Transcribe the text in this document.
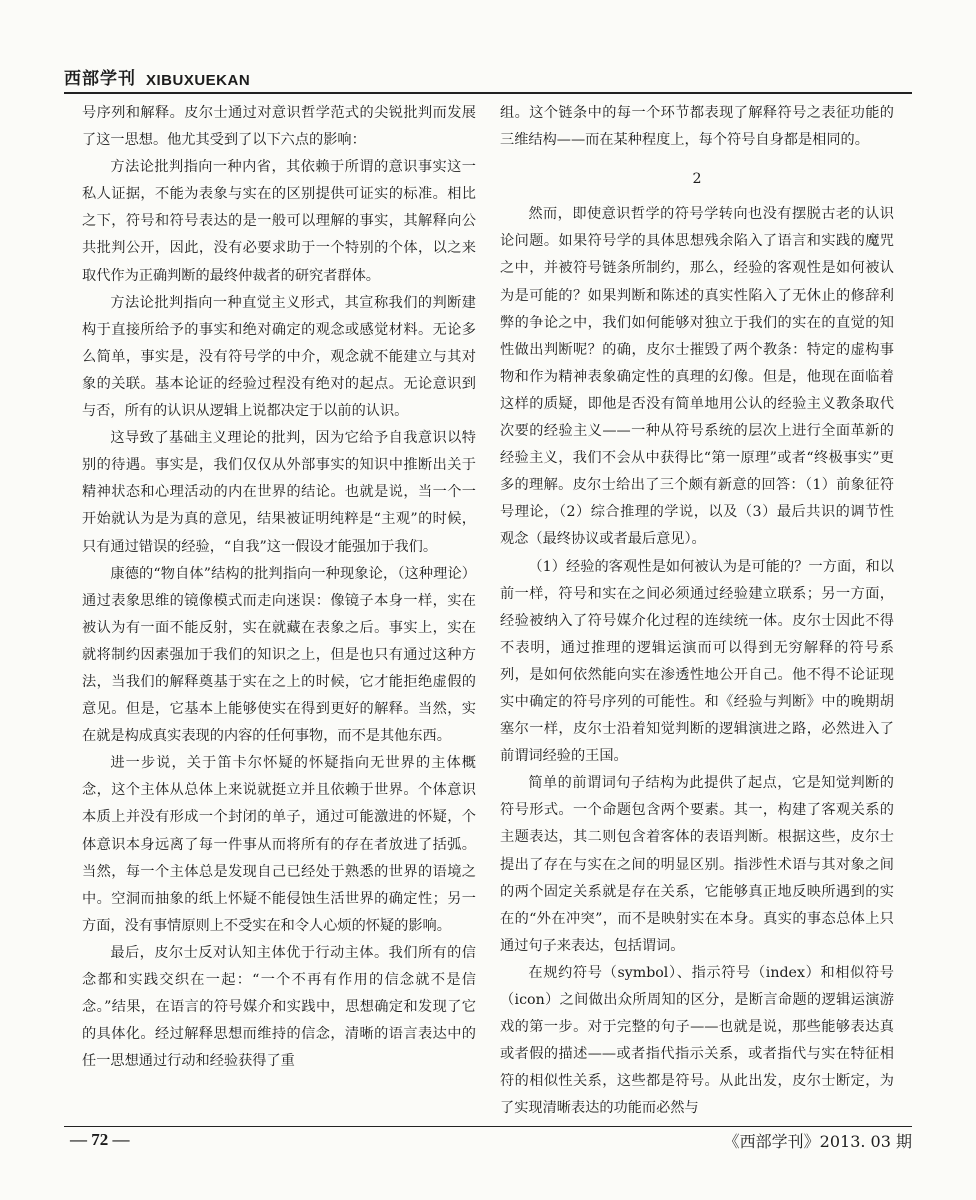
西部学刊 XIBUXUEKAN

号序列和解释。皮尔士通过对意识哲学范式的尖锐批判而发展了这一思想。他尤其受到了以下六点的影响：

方法论批判指向一种内省，其依赖于所谓的意识事实这一私人证据，不能为表象与实在的区别提供可证实的标准。相比之下，符号和符号表达的是一般可以理解的事实，其解释向公共批判公开，因此，没有必要求助于一个特别的个体，以之来取代作为正确判断的最终仲裁者的研究者群体。

方法论批判指向一种直觉主义形式，其宣称我们的判断建构于直接所给予的事实和绝对确定的观念或感觉材料。无论多么简单，事实是，没有符号学的中介，观念就不能建立与其对象的关联。基本论证的经验过程没有绝对的起点。无论意识到与否，所有的认识从逻辑上说都决定于以前的认识。

这导致了基础主义理论的批判，因为它给予自我意识以特别的待遇。事实是，我们仅仅从外部事实的知识中推断出关于精神状态和心理活动的内在世界的结论。也就是说，当一个一开始就认为是为真的意见，结果被证明纯粹是“主观”的时候，只有通过错误的经验，“自我”这一假设才能强加于我们。

康德的“物自体”结构的批判指向一种现象论，（这种理论）通过表象思维的镜像模式而走向迷误：像镜子本身一样，实在被认为有一面不能反射，实在就藏在表象之后。事实上，实在就将制约因素强加于我们的知识之上，但是也只有通过这种方法，当我们的解释奠基于实在之上的时候，它才能拒绝虚假的意见。但是，它基本上能够使实在得到更好的解释。当然，实在就是构成真实表现的内容的任何事物，而不是其他东西。

进一步说，关于笛卡尔怀疑的怀疑指向无世界的主体概念，这个主体从总体上来说就挺立并且依赖于世界。个体意识本质上并没有形成一个封闭的单子，通过可能激进的怀疑，个体意识本身远离了每一件事从而将所有的存在者放进了括弧。当然，每一个主体总是发现自己已经处于熟悉的世界的语境之中。空洞而抽象的纸上怀疑不能侵蚀生活世界的确定性；另一方面，没有事情原则上不受实在和令人心烦的怀疑的影响。

最后，皮尔士反对认知主体优于行动主体。我们所有的信念都和实践交织在一起：“一个不再有作用的信念就不是信念。”结果，在语言的符号媒介和实践中，思想确定和发现了它的具体化。经过解释思想而维持的信念，清晰的语言表达中的任一思想通过行动和经验获得了重

组。这个链条中的每一个环节都表现了解释符号之表征功能的三维结构——而在某种程度上，每个符号自身都是相同的。

2

然而，即使意识哲学的符号学转向也没有摆脱古老的认识论问题。如果符号学的具体思想残余陷入了语言和实践的魔咒之中，并被符号链条所制约，那么，经验的客观性是如何被认为是可能的？如果判断和陈述的真实性陷入了无休止的修辞利弊的争论之中，我们如何能够对独立于我们的实在的直觉的知性做出判断呢？的确，皮尔士摧毁了两个教条：特定的虚构事物和作为精神表象确定性的真理的幻像。但是，他现在面临着这样的质疑，即他是否没有简单地用公认的经验主义教条取代次要的经验主义——一种从符号系统的层次上进行全面革新的经验主义，我们不会从中获得比“第一原理”或者“终极事实”更多的理解。皮尔士给出了三个颇有新意的回答：（1）前象征符号理论，（2）综合推理的学说，以及（3）最后共识的调节性观念（最终协议或者最后意见）。

（1）经验的客观性是如何被认为是可能的？一方面，和以前一样，符号和实在之间必须通过经验建立联系；另一方面，经验被纳入了符号媒介化过程的连续统一体。皮尔士因此不得不表明，通过推理的逻辑运演而可以得到无穷解释的符号系列，是如何依然能向实在渗透性地公开自己。他不得不论证现实中确定的符号序列的可能性。和《经验与判断》中的晚期胡塞尔一样，皮尔士沿着知觉判断的逻辑演进之路，必然进入了前谓词经验的王国。

简单的前谓词句子结构为此提供了起点，它是知觉判断的符号形式。一个命题包含两个要素。其一，构建了客观关系的主题表达，其二则包含着客体的表语判断。根据这些，皮尔士提出了存在与实在之间的明显区别。指涉性术语与其对象之间的两个固定关系就是存在关系，它能够真正地反映所遇到的实在的“外在冲突”，而不是映射实在本身。真实的事态总体上只通过句子来表达，包括谓词。

在规约符号（symbol）、指示符号（index）和相似符号（icon）之间做出众所周知的区分，是断言命题的逻辑运演游戏的第一步。对于完整的句子——也就是说，那些能够表达真或者假的描述——或者指代指示关系，或者指代与实在特征相符的相似性关系，这些都是符号。从此出发，皮尔士断定，为了实现清晰表达的功能而必然与

— 72 —	《西部学刊》2013. 03 期
